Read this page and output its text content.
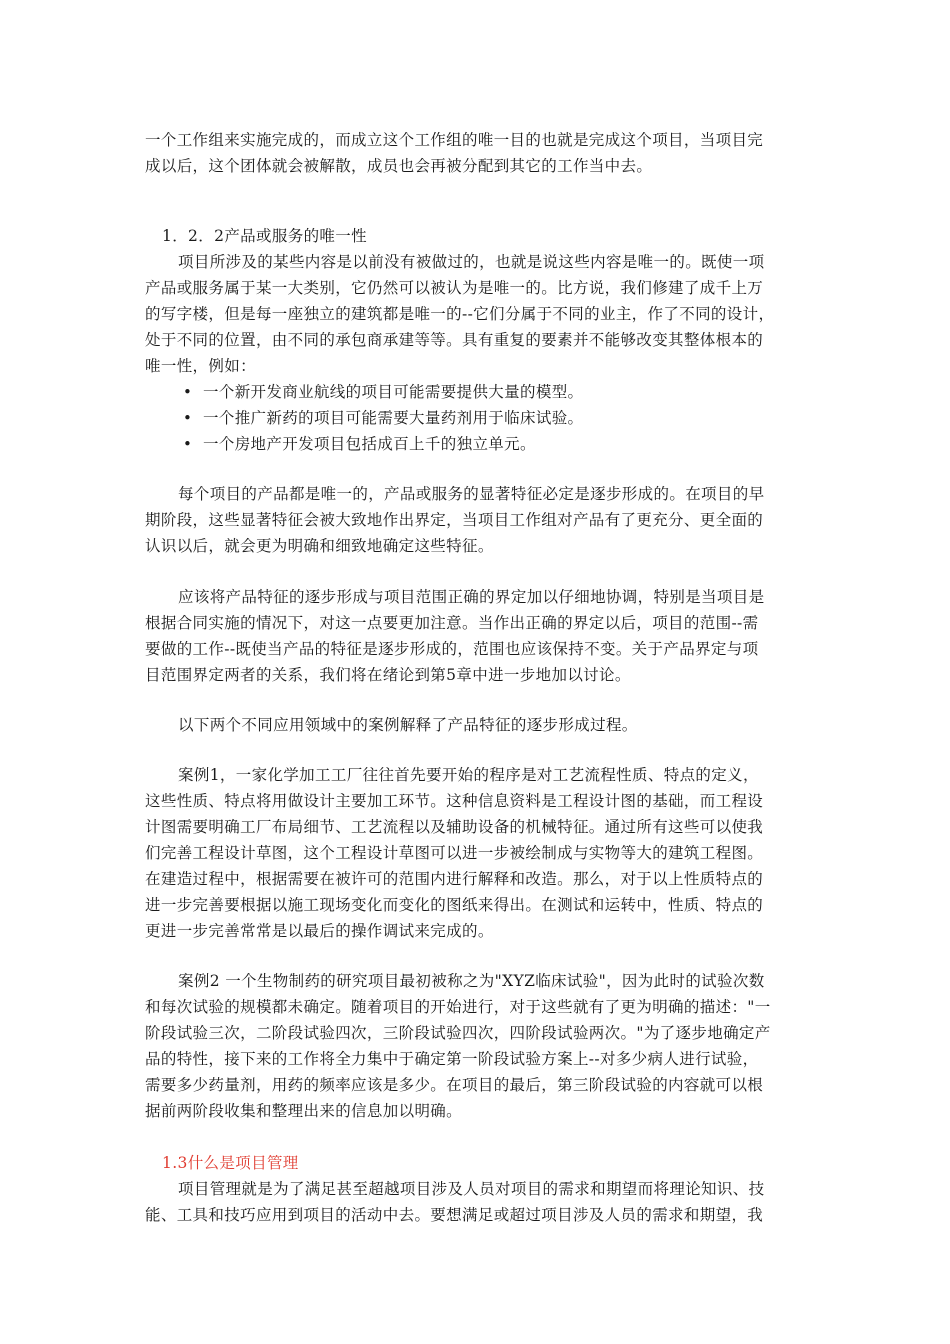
一个工作组来实施完成的，而成立这个工作组的唯一目的也就是完成这个项目，当项目完
成以后，这个团体就会被解散，成员也会再被分配到其它的工作当中去。
1．2．2产品或服务的唯一性
项目所涉及的某些内容是以前没有被做过的，也就是说这些内容是唯一的。既使一项
产品或服务属于某一大类别，它仍然可以被认为是唯一的。比方说，我们修建了成千上万
的写字楼，但是每一座独立的建筑都是唯一的--它们分属于不同的业主，作了不同的设计，
处于不同的位置，由不同的承包商承建等等。具有重复的要素并不能够改变其整体根本的
唯一性，例如：
• 一个新开发商业航线的项目可能需要提供大量的模型。
• 一个推广新药的项目可能需要大量药剂用于临床试验。
• 一个房地产开发项目包括成百上千的独立单元。
每个项目的产品都是唯一的，产品或服务的显著特征必定是逐步形成的。在项目的早
期阶段，这些显著特征会被大致地作出界定，当项目工作组对产品有了更充分、更全面的
认识以后，就会更为明确和细致地确定这些特征。
应该将产品特征的逐步形成与项目范围正确的界定加以仔细地协调，特别是当项目是
根据合同实施的情况下，对这一点要更加注意。当作出正确的界定以后，项目的范围--需
要做的工作--既使当产品的特征是逐步形成的，范围也应该保持不变。关于产品界定与项
目范围界定两者的关系，我们将在绪论到第5章中进一步地加以讨论。
以下两个不同应用领域中的案例解释了产品特征的逐步形成过程。
案例1，一家化学加工工厂往往首先要开始的程序是对工艺流程性质、特点的定义，
这些性质、特点将用做设计主要加工环节。这种信息资料是工程设计图的基础，而工程设
计图需要明确工厂布局细节、工艺流程以及辅助设备的机械特征。通过所有这些可以使我
们完善工程设计草图，这个工程设计草图可以进一步被绘制成与实物等大的建筑工程图。
在建造过程中，根据需要在被许可的范围内进行解释和改造。那么，对于以上性质特点的
进一步完善要根据以施工现场变化而变化的图纸来得出。在测试和运转中，性质、特点的
更进一步完善常常是以最后的操作调试来完成的。
案例2 一个生物制药的研究项目最初被称之为"XYZ临床试验"，因为此时的试验次数
和每次试验的规模都未确定。随着项目的开始进行，对于这些就有了更为明确的描述："一
阶段试验三次，二阶段试验四次，三阶段试验四次，四阶段试验两次。"为了逐步地确定产
品的特性，接下来的工作将全力集中于确定第一阶段试验方案上--对多少病人进行试验，
需要多少药量剂，用药的频率应该是多少。在项目的最后，第三阶段试验的内容就可以根
据前两阶段收集和整理出来的信息加以明确。
1.3什么是项目管理
项目管理就是为了满足甚至超越项目涉及人员对项目的需求和期望而将理论知识、技
能、工具和技巧应用到项目的活动中去。要想满足或超过项目涉及人员的需求和期望，我
